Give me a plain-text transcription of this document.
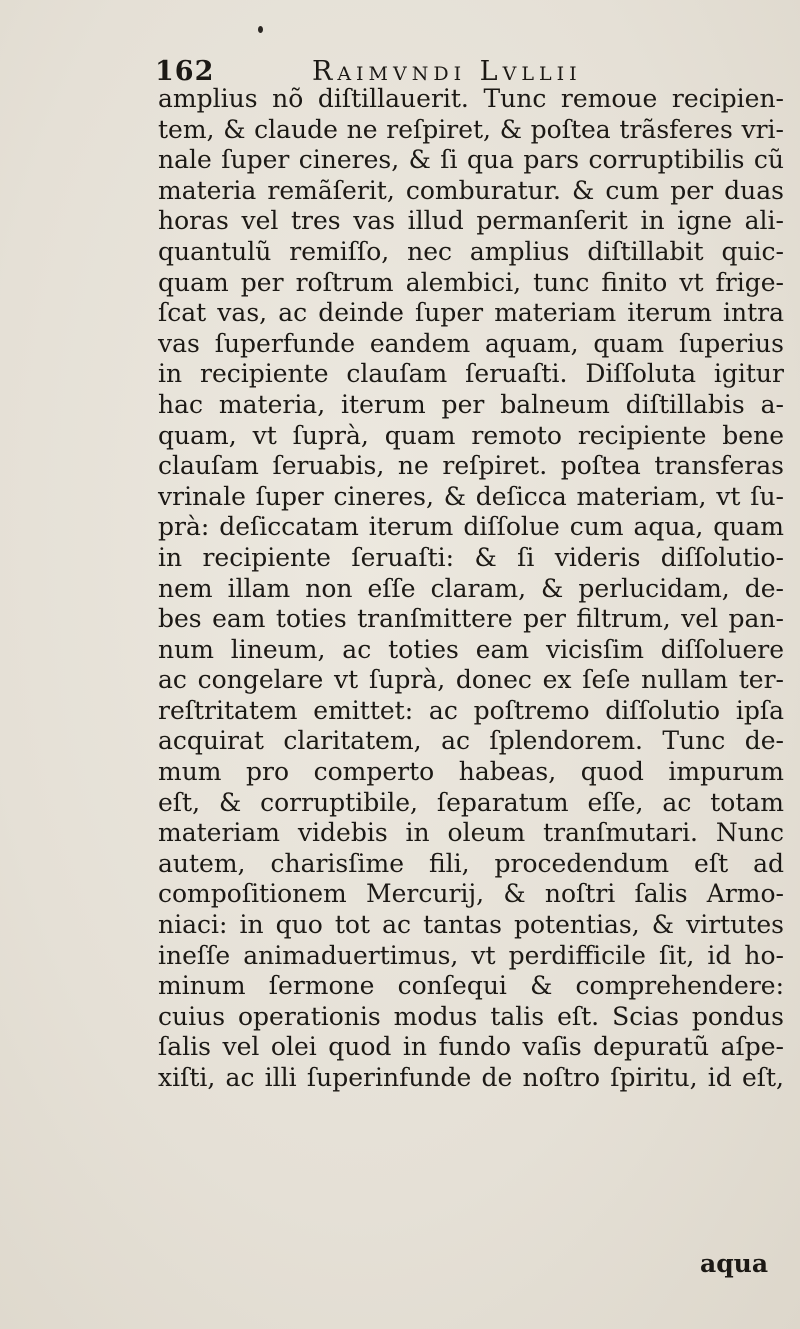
162	Raimvndi Lvllii
amplius nõ diſtillauerit. Tunc remoue recipien-
tem, & claude ne reſpiret, & poſtea trãsferes vri-
nale ſuper cineres, & ſi qua pars corruptibilis cũ
materia remãſerit, comburatur. & cum per duas
horas vel tres vas illud permanſerit in igne ali-
quantulũ remiſſo, nec amplius diſtillabit quic-
quam per roſtrum alembici, tunc finito vt frige-
ſcat vas, ac deinde ſuper materiam iterum intra
vas ſuperfunde eandem aquam, quam ſuperius
in recipiente clauſam ſeruaſti. Diſſoluta igitur
hac materia, iterum per balneum diſtillabis a-
quam, vt ſuprà, quam remoto recipiente bene
clauſam ſeruabis, ne reſpiret. poſtea transferas
vrinale ſuper cineres, & deſicca materiam, vt ſu-
prà: deſiccatam iterum diſſolue cum aqua, quam
in recipiente ſeruaſti: & ſi videris diſſolutio-
nem illam non eſſe claram, & perlucidam, de-
bes eam toties tranſmittere per filtrum, vel pan-
num lineum, ac toties eam vicisſim diſſoluere
ac congelare vt ſuprà, donec ex ſeſe nullam ter-
reſtritatem emittet: ac poſtremo diſſolutio ipſa
acquirat claritatem, ac ſplendorem. Tunc de-
mum pro comperto habeas, quod impurum
eſt, & corruptibile, ſeparatum eſſe, ac totam
materiam videbis in oleum tranſmutari. Nunc
autem, charisſime fili, procedendum eſt ad
compoſitionem Mercurij, & noſtri ſalis Armo-
niaci: in quo tot ac tantas potentias, & virtutes
ineſſe animaduertimus, vt perdifficile ſit, id ho-
minum ſermone conſequi & comprehendere:
cuius operationis modus talis eſt. Scias pondus
ſalis vel olei quod in fundo vaſis depuratũ aſpe-
xiſti, ac illi ſuperinfunde de noſtro ſpiritu, id eſt,
aqua
